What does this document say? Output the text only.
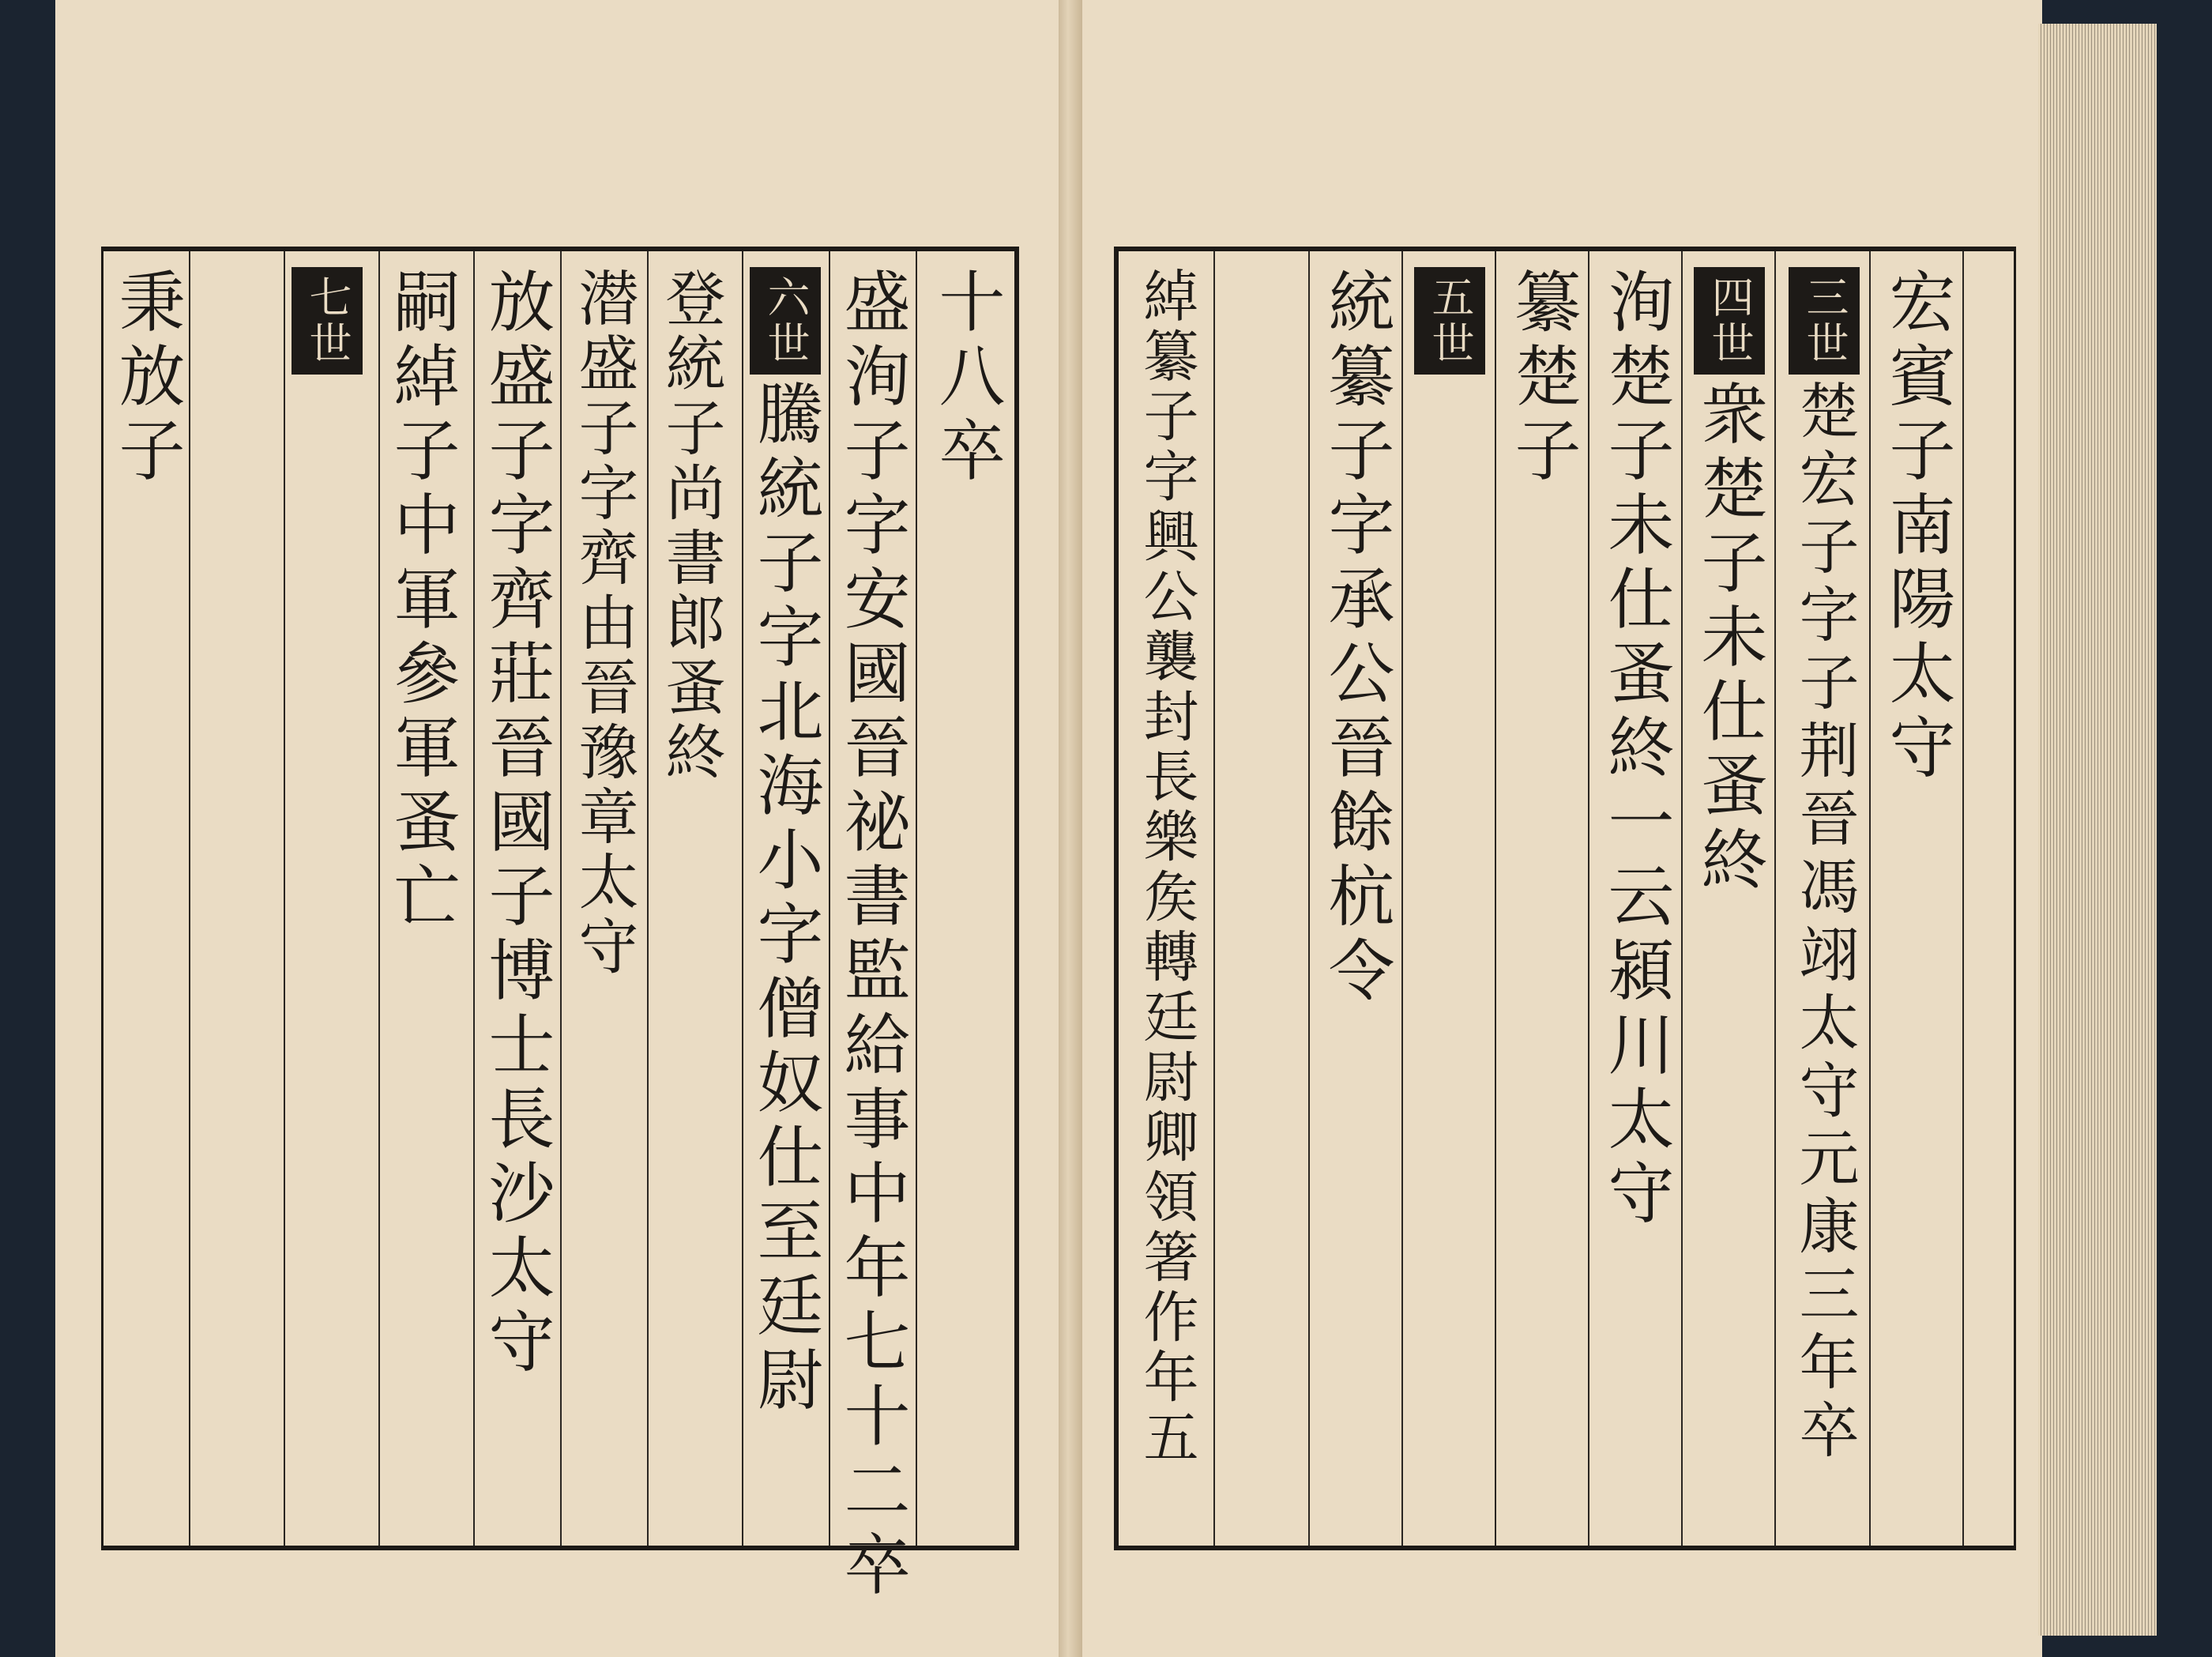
十八卒
盛洵子字安國晉祕書監給事中年七十二卒
六世
騰統子字北海小字僧奴仕至廷尉
登統子尚書郎蚤終
潜盛子字齊由晉豫章太守
放盛子字齊莊晉國子博士長沙太守
嗣綽子中軍參軍蚤亡
七世
秉放子	宏賓子南陽太守
三世
楚宏子字子荆晉馮翊太守元康三年卒
四世
衆楚子未仕蚤終
洵楚子未仕蚤終一云潁川太守
纂楚子
五世
統纂子字承公晉餘杭令
綽纂子字興公襲封長樂矦轉廷尉卿領箸作年五
